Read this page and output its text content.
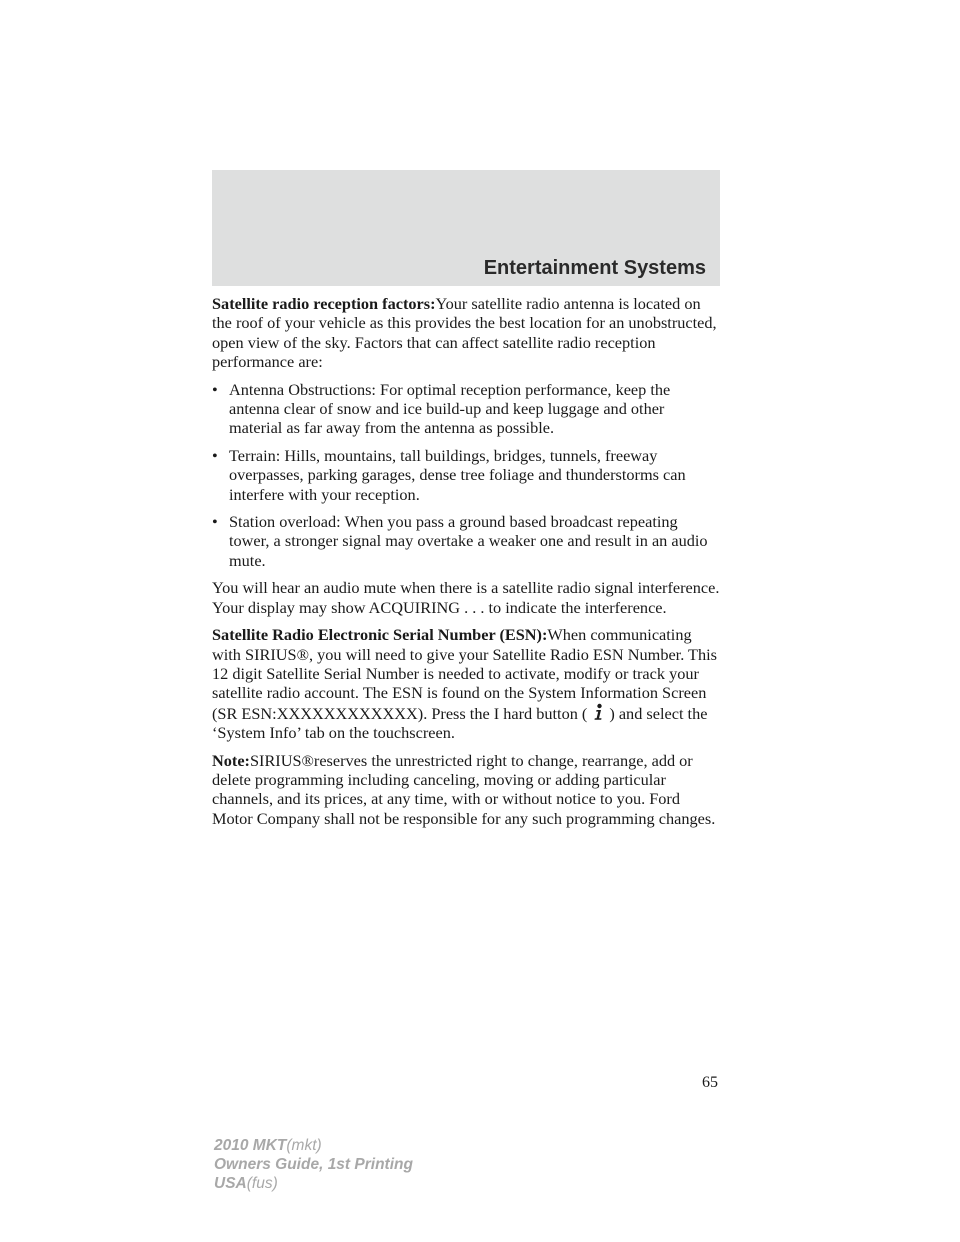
Entertainment Systems

Satellite radio reception factors:Your satellite radio antenna is located on the roof of your vehicle as this provides the best location for an unobstructed, open view of the sky. Factors that can affect satellite radio reception performance are:

• Antenna Obstructions: For optimal reception performance, keep the antenna clear of snow and ice build-up and keep luggage and other material as far away from the antenna as possible.
• Terrain: Hills, mountains, tall buildings, bridges, tunnels, freeway overpasses, parking garages, dense tree foliage and thunderstorms can interfere with your reception.
• Station overload: When you pass a ground based broadcast repeating tower, a stronger signal may overtake a weaker one and result in an audio mute.

You will hear an audio mute when there is a satellite radio signal interference. Your display may show ACQUIRING . . . to indicate the interference.

Satellite Radio Electronic Serial Number (ESN):When communicating with SIRIUS®, you will need to give your Satellite Radio ESN Number. This 12 digit Satellite Serial Number is needed to activate, modify or track your satellite radio account. The ESN is found on the System Information Screen (SR ESN:XXXXXXXXXXXX). Press the I hard button ( ) and select the ‘System Info’ tab on the touchscreen.

Note:SIRIUS®reserves the unrestricted right to change, rearrange, add or delete programming including canceling, moving or adding particular channels, and its prices, at any time, with or without notice to you. Ford Motor Company shall not be responsible for any such programming changes.

65
2010 MKT(mkt)
Owners Guide, 1st Printing
USA(fus)
